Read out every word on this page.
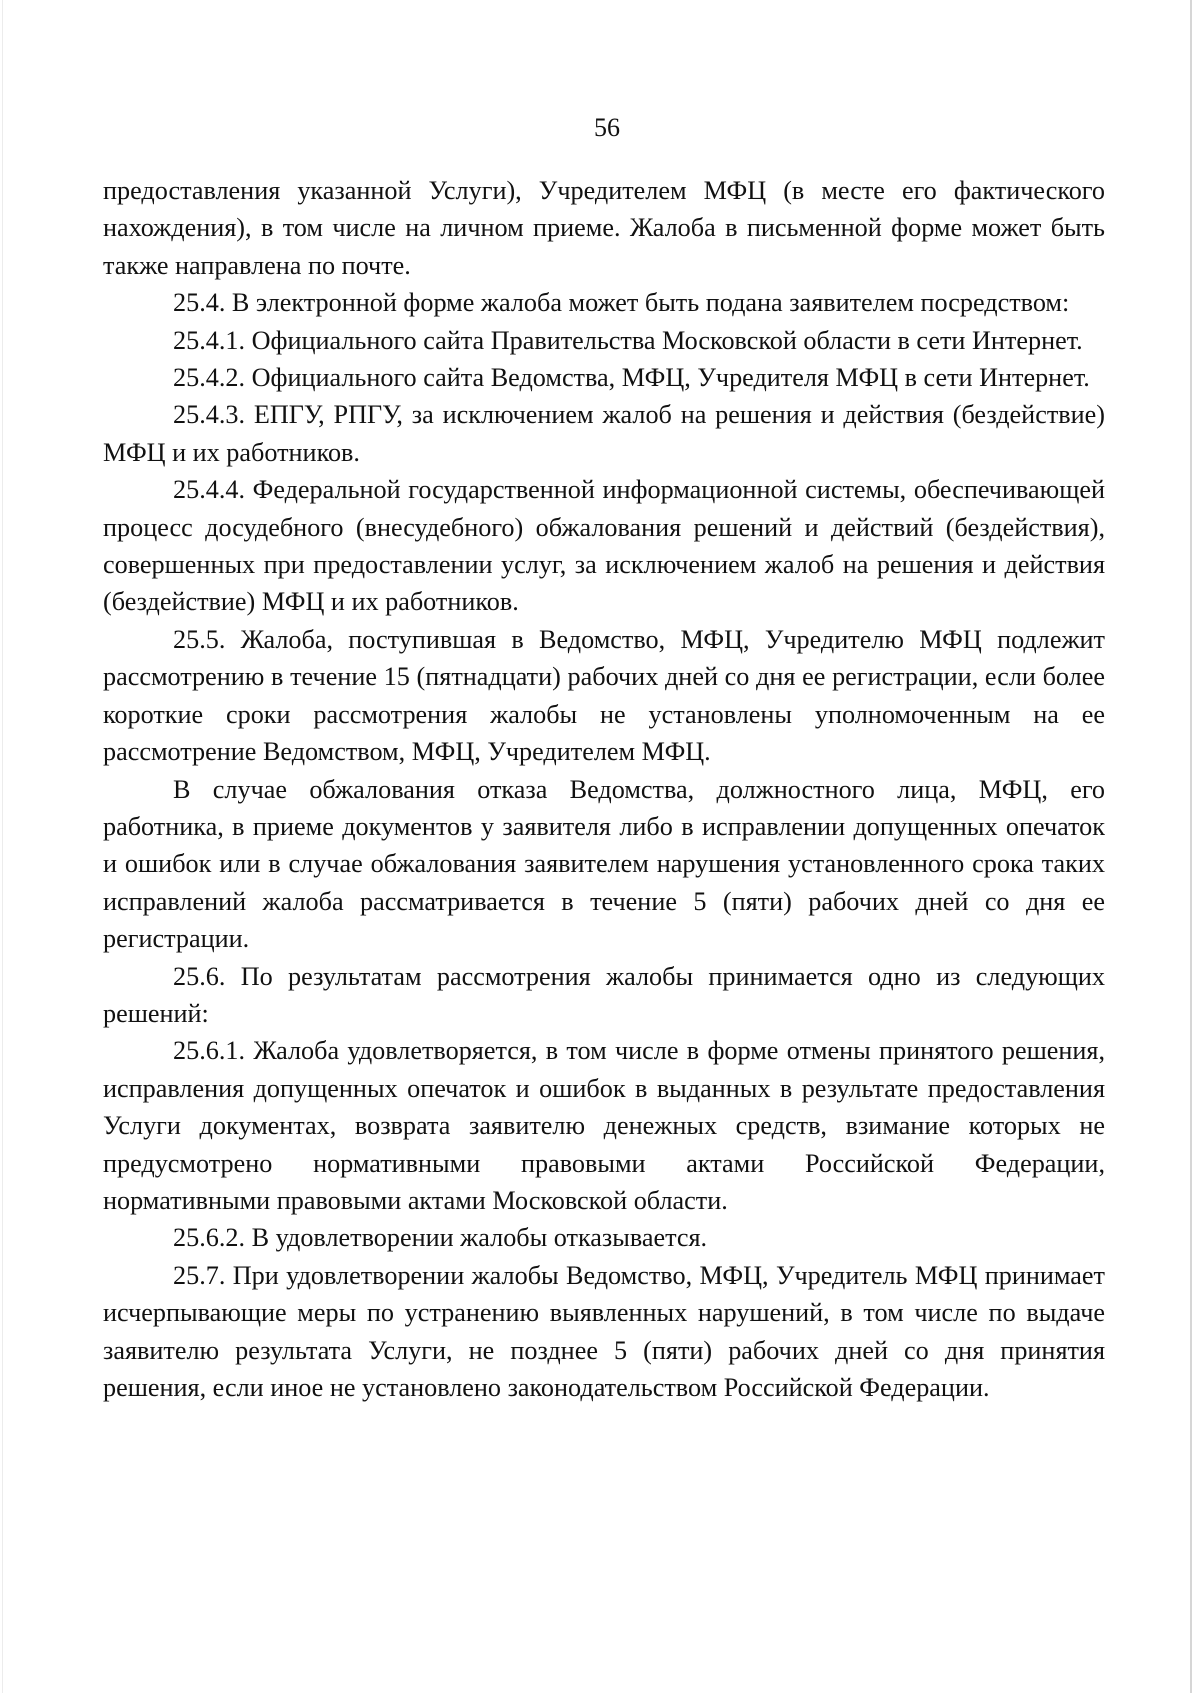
56

предоставления указанной Услуги), Учредителем МФЦ (в месте его фактического нахождения), в том числе на личном приеме. Жалоба в письменной форме может быть также направлена по почте.

25.4. В электронной форме жалоба может быть подана заявителем посредством:

25.4.1. Официального сайта Правительства Московской области в сети Интернет.

25.4.2. Официального сайта Ведомства, МФЦ, Учредителя МФЦ в сети Интернет.

25.4.3. ЕПГУ, РПГУ, за исключением жалоб на решения и действия (бездействие) МФЦ и их работников.

25.4.4. Федеральной государственной информационной системы, обеспечивающей процесс досудебного (внесудебного) обжалования решений и действий (бездействия), совершенных при предоставлении услуг, за исключением жалоб на решения и действия (бездействие) МФЦ и их работников.

25.5. Жалоба, поступившая в Ведомство, МФЦ, Учредителю МФЦ подлежит рассмотрению в течение 15 (пятнадцати) рабочих дней со дня ее регистрации, если более короткие сроки рассмотрения жалобы не установлены уполномоченным на ее рассмотрение Ведомством, МФЦ, Учредителем МФЦ.

В случае обжалования отказа Ведомства, должностного лица, МФЦ, его работника, в приеме документов у заявителя либо в исправлении допущенных опечаток и ошибок или в случае обжалования заявителем нарушения установленного срока таких исправлений жалоба рассматривается в течение 5 (пяти) рабочих дней со дня ее регистрации.

25.6. По результатам рассмотрения жалобы принимается одно из следующих решений:

25.6.1. Жалоба удовлетворяется, в том числе в форме отмены принятого решения, исправления допущенных опечаток и ошибок в выданных в результате предоставления Услуги документах, возврата заявителю денежных средств, взимание которых не предусмотрено нормативными правовыми актами Российской Федерации, нормативными правовыми актами Московской области.

25.6.2. В удовлетворении жалобы отказывается.

25.7. При удовлетворении жалобы Ведомство, МФЦ, Учредитель МФЦ принимает исчерпывающие меры по устранению выявленных нарушений, в том числе по выдаче заявителю результата Услуги, не позднее 5 (пяти) рабочих дней со дня принятия решения, если иное не установлено законодательством Российской Федерации.
